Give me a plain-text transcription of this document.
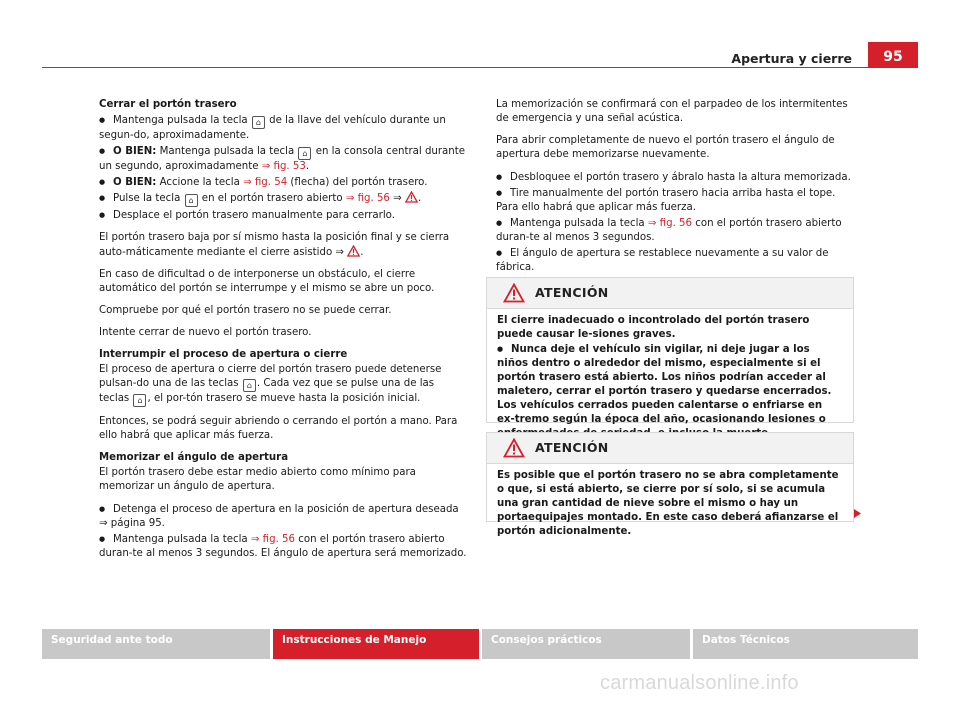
Apertura y cierre	95

Cerrar el portón trasero

● Mantenga pulsada la tecla ⌂ de la llave del vehículo durante un segun-do, aproximadamente.

● O BIEN: Mantenga pulsada la tecla ⌂ en la consola central durante un segundo, aproximadamente ⇒ fig. 53.

● O BIEN: Accione la tecla ⇒ fig. 54 (flecha) del portón trasero.

● Pulse la tecla ⌂ en el portón trasero abierto ⇒ fig. 56 ⇒ .

● Desplace el portón trasero manualmente para cerrarlo.

El portón trasero baja por sí mismo hasta la posición final y se cierra auto-máticamente mediante el cierre asistido ⇒ .

En caso de dificultad o de interponerse un obstáculo, el cierre automático del portón se interrumpe y el mismo se abre un poco.

Compruebe por qué el portón trasero no se puede cerrar.

Intente cerrar de nuevo el portón trasero.

Interrumpir el proceso de apertura o cierre

El proceso de apertura o cierre del portón trasero puede detenerse pulsan-do una de las teclas ⌂ . Cada vez que se pulse una de las teclas ⌂ , el por-tón trasero se mueve hasta la posición inicial.

Entonces, se podrá seguir abriendo o cerrando el portón a mano. Para ello habrá que aplicar más fuerza.

Memorizar el ángulo de apertura

El portón trasero debe estar medio abierto como mínimo para memorizar un ángulo de apertura.

● Detenga el proceso de apertura en la posición de apertura deseada ⇒ página 95.

● Mantenga pulsada la tecla ⇒ fig. 56 con el portón trasero abierto duran-te al menos 3 segundos. El ángulo de apertura será memorizado.

La memorización se confirmará con el parpadeo de los intermitentes de emergencia y una señal acústica.

Para abrir completamente de nuevo el portón trasero el ángulo de apertura debe memorizarse nuevamente.

● Desbloquee el portón trasero y ábralo hasta la altura memorizada.

● Tire manualmente del portón trasero hacia arriba hasta el tope. Para ello habrá que aplicar más fuerza.

● Mantenga pulsada la tecla ⇒ fig. 56 con el portón trasero abierto duran-te al menos 3 segundos.

● El ángulo de apertura se restablece nuevamente a su valor de fábrica.

ATENCIÓN

El cierre inadecuado o incontrolado del portón trasero puede causar le-siones graves.

● Nunca deje el vehículo sin vigilar, ni deje jugar a los niños dentro o alrededor del mismo, especialmente si el portón trasero está abierto. Los niños podrían acceder al maletero, cerrar el portón trasero y quedarse encerrados. Los vehículos cerrados pueden calentarse o enfriarse en ex-tremo según la época del año, ocasionando lesiones o

ATENCIÓN

Es posible que el portón trasero no se abra completamente o que, si está abierto, se cierre por sí solo, si se acumula una gran cantidad de nieve sobre el mismo o hay un portaequipajes montado. En este caso deberá afianzarse el portón adicionalmente.

Seguridad ante todo	Instrucciones de Manejo	Consejos prácticos	Datos Técnicos
carmanualsonline.info
